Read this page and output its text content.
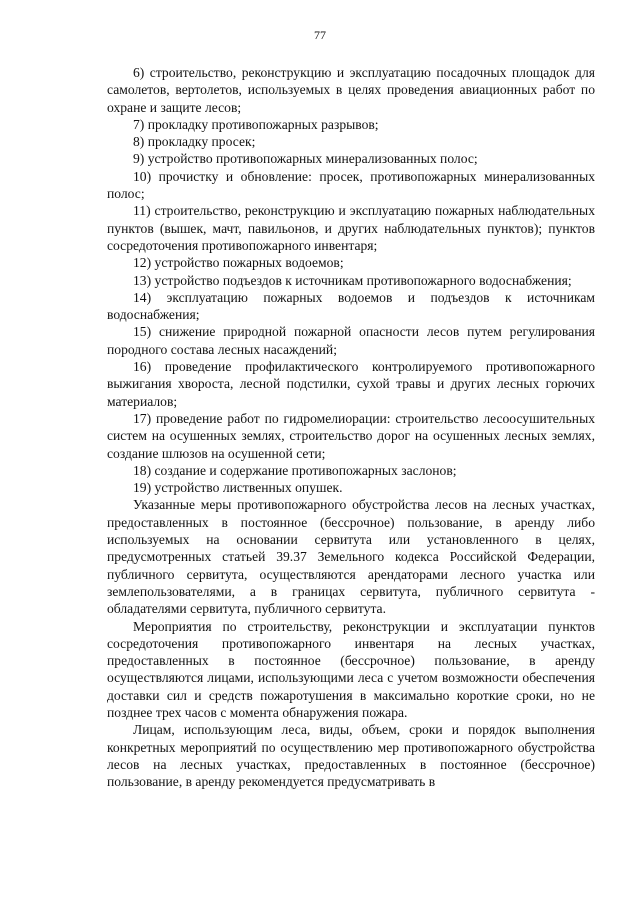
77

6) строительство, реконструкцию и эксплуатацию посадочных площадок для самолетов, вертолетов, используемых в целях проведения авиационных работ по охране и защите лесов;

7) прокладку противопожарных разрывов;

8) прокладку просек;

9) устройство противопожарных минерализованных полос;

10) прочистку и обновление: просек, противопожарных минерализованных полос;

11) строительство, реконструкцию и эксплуатацию пожарных наблюдательных пунктов (вышек, мачт, павильонов, и других наблюдательных пунктов); пунктов сосредоточения противопожарного инвентаря;

12) устройство пожарных водоемов;

13) устройство подъездов к источникам противопожарного водоснабжения;

14) эксплуатацию пожарных водоемов и подъездов к источникам водоснабжения;

15) снижение природной пожарной опасности лесов путем регулирования породного состава лесных насаждений;

16) проведение профилактического контролируемого противопожарного выжигания хвороста, лесной подстилки, сухой травы и других лесных горючих материалов;

17) проведение работ по гидромелиорации: строительство лесоосушительных систем на осушенных землях, строительство дорог на осушенных лесных землях, создание шлюзов на осушенной сети;

18) создание и содержание противопожарных заслонов;

19) устройство лиственных опушек.

Указанные меры противопожарного обустройства лесов на лесных участках, предоставленных в постоянное (бессрочное) пользование, в аренду либо используемых на основании сервитута или установленного в целях, предусмотренных статьей 39.37 Земельного кодекса Российской Федерации, публичного сервитута, осуществляются арендаторами лесного участка или землепользователями, а в границах сервитута, публичного сервитута - обладателями сервитута, публичного сервитута.

Мероприятия по строительству, реконструкции и эксплуатации пунктов сосредоточения противопожарного инвентаря на лесных участках, предоставленных в постоянное (бессрочное) пользование, в аренду осуществляются лицами, использующими леса с учетом возможности обеспечения доставки сил и средств пожаротушения в максимально короткие сроки, но не позднее трех часов с момента обнаружения пожара.

Лицам, использующим леса, виды, объем, сроки и порядок выполнения конкретных мероприятий по осуществлению мер противопожарного обустройства лесов на лесных участках, предоставленных в постоянное (бессрочное) пользование, в аренду рекомендуется предусматривать в
